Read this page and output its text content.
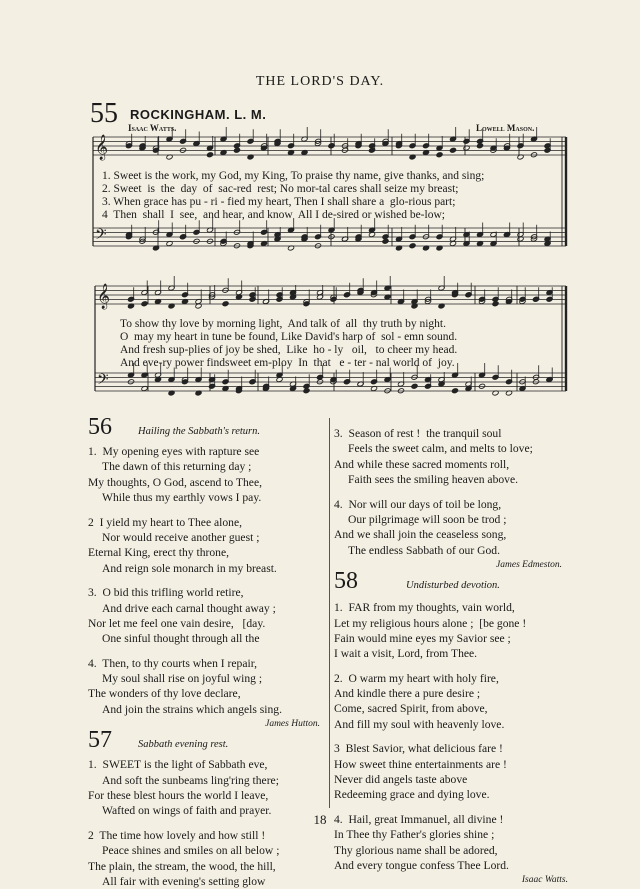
THE LORD'S DAY.
55 ROCKINGHAM. L. M.
Isaac Watts.	Lowell Mason.
𝄞
𝄢
1. Sweet is the work, my God, my King, To praise thy name, give thanks, and sing;
2. Sweet  is  the  day  of  sac-red  rest; No mor-tal cares shall seize my breast;
3. When grace has pu - ri - fied my heart, Then I shall share a  glo-rious part;
4  Then  shall  I  see,  and hear, and know  All I de-sired or wished be-low;
𝄞
𝄢
To show thy love by morning light,  And talk of  all  thy truth by night.
O  may my heart in tune be found, Like David's harp of  sol - emn sound.
And fresh sup-plies of joy be shed,  Like  ho - ly   oil,   to cheer my head.
And eve-ry power findsweet em-ploy  In  that   e - ter - nal world of  joy.
56 Hailing the Sabbath's return.
1.  My opening eyes with rapture see
The dawn of this returning day ;
My thoughts, O God, ascend to Thee,
While thus my earthly vows I pay.
2  I yield my heart to Thee alone,
Nor would receive another guest ;
Eternal King, erect thy throne,
And reign sole monarch in my breast.
3.  O bid this trifling world retire,
And drive each carnal thought away ;
Nor let me feel one vain desire,   [day.
One sinful thought through all the
4.  Then, to thy courts when I repair,
My soul shall rise on joyful wing ;
The wonders of thy love declare,
And join the strains which angels sing.
James Hutton.
57 Sabbath evening rest.
1.  SWEET is the light of Sabbath eve,
And soft the sunbeams ling'ring there;
For these blest hours the world I leave,
Wafted on wings of faith and prayer.
2  The time how lovely and how still !
Peace shines and smiles on all below ;
The plain, the stream, the wood, the hill,
All fair with evening's setting glow
3.  Season of rest !  the tranquil soul
Feels the sweet calm, and melts to love;
And while these sacred moments roll,
Faith sees the smiling heaven above.
4.  Nor will our days of toil be long,
Our pilgrimage will soon be trod ;
And we shall join the ceaseless song,
The endless Sabbath of our God.
James Edmeston.
58	Undisturbed devotion.
1.  FAR from my thoughts, vain world,
Let my religious hours alone ;  [be gone !
Fain would mine eyes my Savior see ;
I wait a visit, Lord, from Thee.
2.  O warm my heart with holy fire,
And kindle there a pure desire ;
Come, sacred Spirit, from above,
And fill my soul with heavenly love.
3  Blest Savior, what delicious fare !
How sweet thine entertainments are !
Never did angels taste above
Redeeming grace and dying love.
4.  Hail, great Immanuel, all divine !
In Thee thy Father's glories shine ;
Thy glorious name shall be adored,
And every tongue confess Thee Lord.
Isaac Watts.
18
